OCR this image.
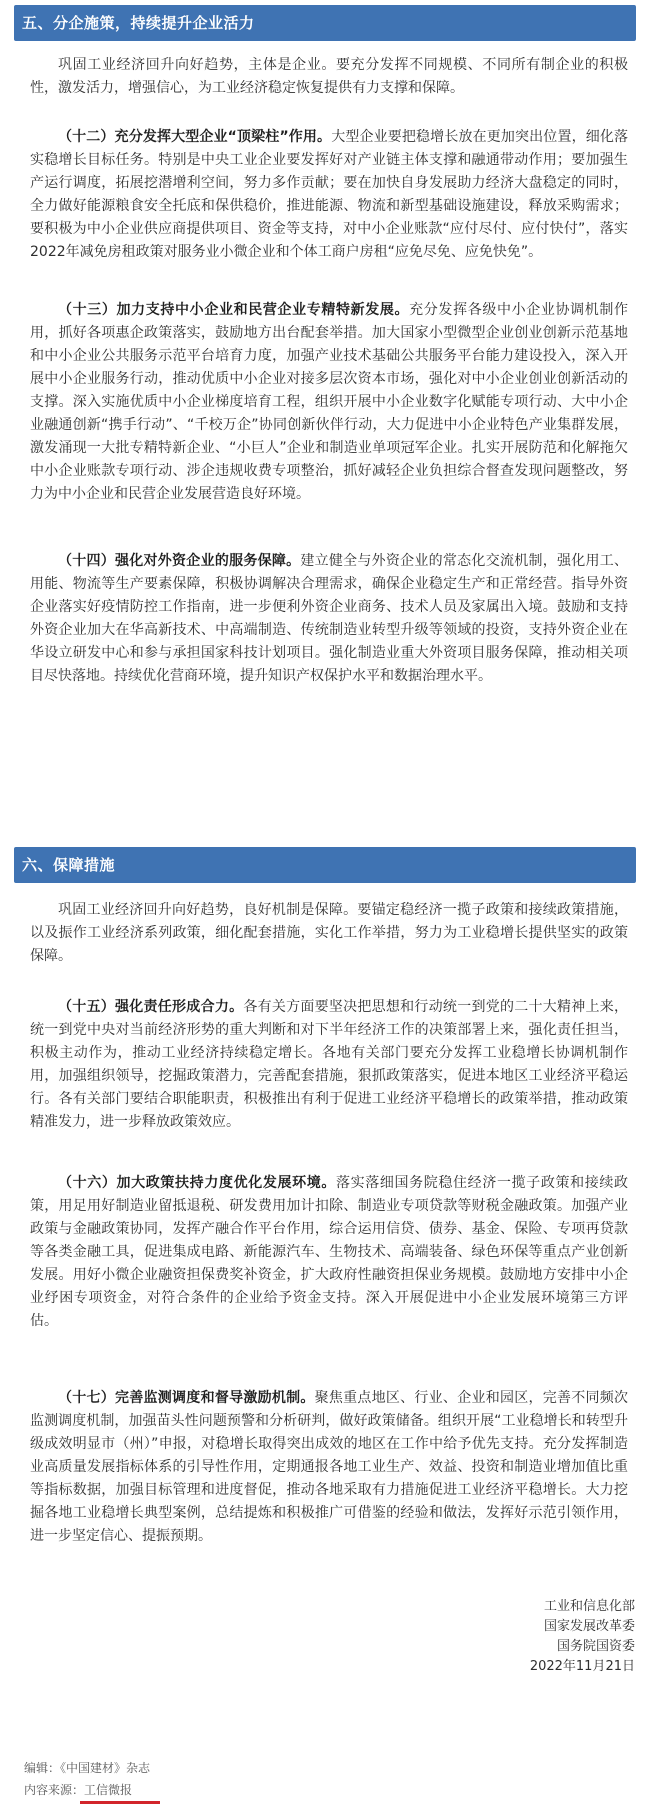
五、分企施策，持续提升企业活力

巩固工业经济回升向好趋势，主体是企业。要充分发挥不同规模、不同所有制企业的积极性，激发活力，增强信心，为工业经济稳定恢复提供有力支撑和保障。

（十二）充分发挥大型企业“顶梁柱”作用。大型企业要把稳增长放在更加突出位置，细化落实稳增长目标任务。特别是中央工业企业要发挥好对产业链主体支撑和融通带动作用；要加强生产运行调度，拓展挖潜增利空间，努力多作贡献；要在加快自身发展助力经济大盘稳定的同时，全力做好能源粮食安全托底和保供稳价，推进能源、物流和新型基础设施建设，释放采购需求；要积极为中小企业供应商提供项目、资金等支持，对中小企业账款“应付尽付、应付快付”，落实2022年减免房租政策对服务业小微企业和个体工商户房租“应免尽免、应免快免”。

（十三）加力支持中小企业和民营企业专精特新发展。充分发挥各级中小企业协调机制作用，抓好各项惠企政策落实，鼓励地方出台配套举措。加大国家小型微型企业创业创新示范基地和中小企业公共服务示范平台培育力度，加强产业技术基础公共服务平台能力建设投入，深入开展中小企业服务行动，推动优质中小企业对接多层次资本市场，强化对中小企业创业创新活动的支撑。深入实施优质中小企业梯度培育工程，组织开展中小企业数字化赋能专项行动、大中小企业融通创新“携手行动”、“千校万企”协同创新伙伴行动，大力促进中小企业特色产业集群发展，激发涌现一大批专精特新企业、“小巨人”企业和制造业单项冠军企业。扎实开展防范和化解拖欠中小企业账款专项行动、涉企违规收费专项整治，抓好减轻企业负担综合督查发现问题整改，努力为中小企业和民营企业发展营造良好环境。

（十四）强化对外资企业的服务保障。建立健全与外资企业的常态化交流机制，强化用工、用能、物流等生产要素保障，积极协调解决合理需求，确保企业稳定生产和正常经营。指导外资企业落实好疫情防控工作指南，进一步便利外资企业商务、技术人员及家属出入境。鼓励和支持外资企业加大在华高新技术、中高端制造、传统制造业转型升级等领域的投资，支持外资企业在华设立研发中心和参与承担国家科技计划项目。强化制造业重大外资项目服务保障，推动相关项目尽快落地。持续优化营商环境，提升知识产权保护水平和数据治理水平。

六、保障措施

巩固工业经济回升向好趋势，良好机制是保障。要锚定稳经济一揽子政策和接续政策措施，以及振作工业经济系列政策，细化配套措施，实化工作举措，努力为工业稳增长提供坚实的政策保障。

（十五）强化责任形成合力。各有关方面要坚决把思想和行动统一到党的二十大精神上来，统一到党中央对当前经济形势的重大判断和对下半年经济工作的决策部署上来，强化责任担当，积极主动作为，推动工业经济持续稳定增长。各地有关部门要充分发挥工业稳增长协调机制作用，加强组织领导，挖掘政策潜力，完善配套措施，狠抓政策落实，促进本地区工业经济平稳运行。各有关部门要结合职能职责，积极推出有利于促进工业经济平稳增长的政策举措，推动政策精准发力，进一步释放政策效应。

（十六）加大政策扶持力度优化发展环境。落实落细国务院稳住经济一揽子政策和接续政策，用足用好制造业留抵退税、研发费用加计扣除、制造业专项贷款等财税金融政策。加强产业政策与金融政策协同，发挥产融合作平台作用，综合运用信贷、债券、基金、保险、专项再贷款等各类金融工具，促进集成电路、新能源汽车、生物技术、高端装备、绿色环保等重点产业创新发展。用好小微企业融资担保费奖补资金，扩大政府性融资担保业务规模。鼓励地方安排中小企业纾困专项资金，对符合条件的企业给予资金支持。深入开展促进中小企业发展环境第三方评估。

（十七）完善监测调度和督导激励机制。聚焦重点地区、行业、企业和园区，完善不同频次监测调度机制，加强苗头性问题预警和分析研判，做好政策储备。组织开展“工业稳增长和转型升级成效明显市（州）”申报，对稳增长取得突出成效的地区在工作中给予优先支持。充分发挥制造业高质量发展指标体系的引导性作用，定期通报各地工业生产、效益、投资和制造业增加值比重等指标数据，加强目标管理和进度督促，推动各地采取有力措施促进工业经济平稳增长。大力挖掘各地工业稳增长典型案例，总结提炼和积极推广可借鉴的经验和做法，发挥好示范引领作用，进一步坚定信心、提振预期。

工业和信息化部
国家发展改革委
国务院国资委
2022年11月21日
编辑：《中国建材》杂志
内容来源：工信微报
